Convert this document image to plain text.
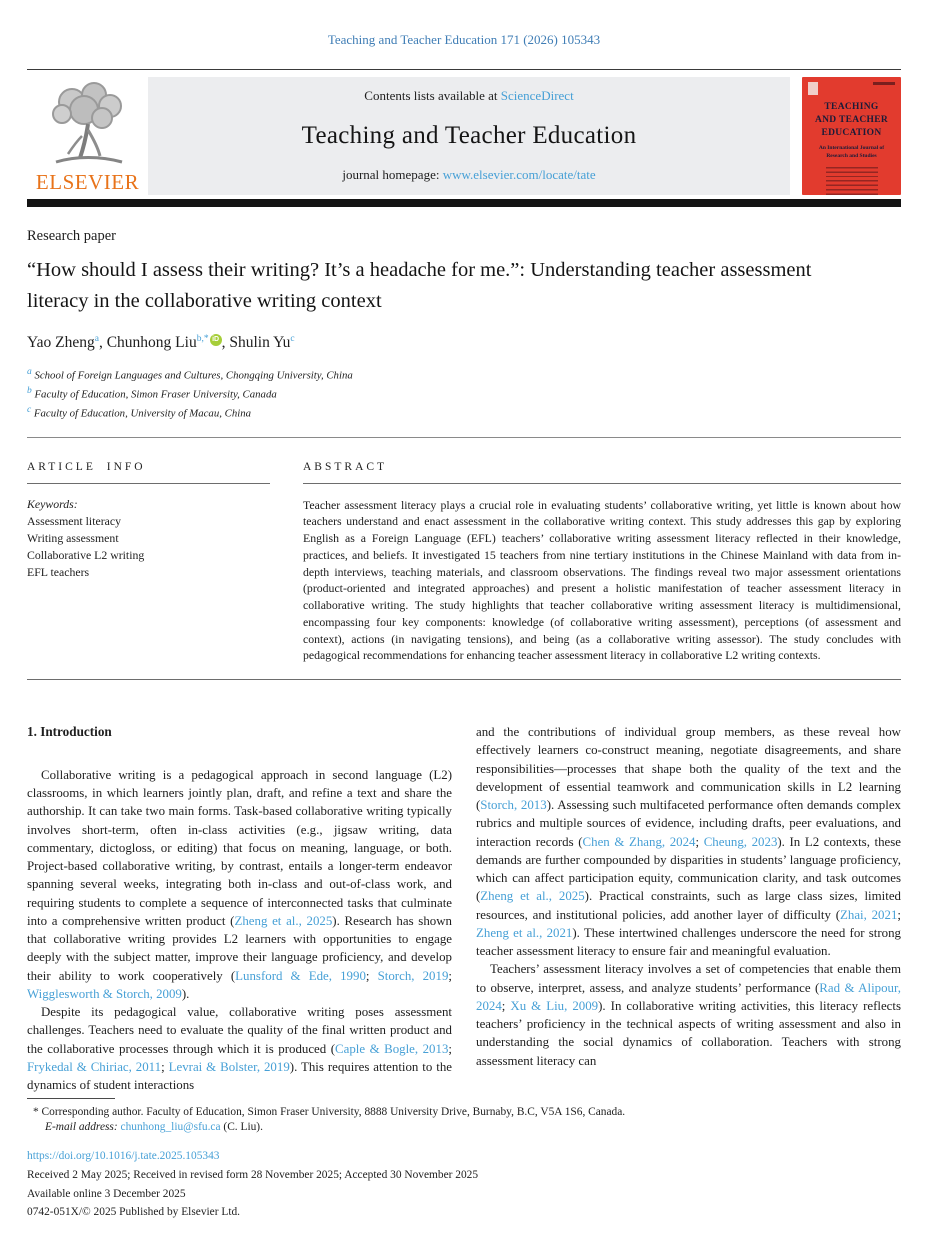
Teaching and Teacher Education 171 (2026) 105343
ELSEVIER
Contents lists available at ScienceDirect
Teaching and Teacher Education
journal homepage: www.elsevier.com/locate/tate
TEACHING AND TEACHER EDUCATION
An International Journal of Research and Studies
Research paper
“How should I assess their writing? It’s a headache for me.”: Understanding teacher assessment literacy in the collaborative writing context
Yao Zheng$^a$, Chunhong Liu$^{b,*}$ iD , Shulin Yu$^c$
$^a$ School of Foreign Languages and Cultures, Chongqing University, China
$^b$ Faculty of Education, Simon Fraser University, Canada
$^c$ Faculty of Education, University of Macau, China
ARTICLE INFO
Keywords:
Assessment literacy
Writing assessment
Collaborative L2 writing
EFL teachers
ABSTRACT
Teacher assessment literacy plays a crucial role in evaluating students’ collaborative writing, yet little is known about how teachers understand and enact assessment in the collaborative writing context. This study addresses this gap by exploring English as a Foreign Language (EFL) teachers’ collaborative writing assessment literacy reflected in their knowledge, practices, and beliefs. It investigated 15 teachers from nine tertiary institutions in the Chinese Mainland with data from in-depth interviews, teaching materials, and classroom observations. The findings reveal two major assessment orientations (product-oriented and integrated approaches) and present a holistic manifestation of teacher assessment literacy in collaborative writing. The study highlights that teacher collaborative writing assessment literacy is multidimensional, encompassing four key components: knowledge (of collaborative writing assessment), perceptions (of assessment and context), actions (in navigating tensions), and being (as a collaborative writing assessor). The study concludes with pedagogical recommendations for enhancing teacher assessment literacy in collaborative L2 writing contexts.
1. Introduction

Collaborative writing is a pedagogical approach in second language (L2) classrooms, in which learners jointly plan, draft, and refine a text and share the authorship. It can take two main forms. Task-based collaborative writing typically involves short-term, often in-class activities (e.g., jigsaw writing, data commentary, dictogloss, or editing) that focus on meaning, language, or both. Project-based collaborative writing, by contrast, entails a longer-term endeavor spanning several weeks, integrating both in-class and out-of-class work, and requiring students to complete a sequence of interconnected tasks that culminate into a comprehensive written product (Zheng et al., 2025). Research has shown that collaborative writing provides L2 learners with opportunities to engage deeply with the subject matter, improve their language proficiency, and develop their ability to work cooperatively (Lunsford & Ede, 1990; Storch, 2019; Wigglesworth & Storch, 2009).

Despite its pedagogical value, collaborative writing poses assessment challenges. Teachers need to evaluate the quality of the final written product and the collaborative processes through which it is produced (Caple & Bogle, 2013; Frykedal & Chiriac, 2011; Levrai & Bolster, 2019). This requires attention to the dynamics of student interactions

and the contributions of individual group members, as these reveal how effectively learners co-construct meaning, negotiate disagreements, and share responsibilities—processes that shape both the quality of the text and the development of essential teamwork and communication skills in L2 learning (Storch, 2013). Assessing such multifaceted performance often demands complex rubrics and multiple sources of evidence, including drafts, peer evaluations, and interaction records (Chen & Zhang, 2024; Cheung, 2023). In L2 contexts, these demands are further compounded by disparities in students’ language proficiency, which can affect participation equity, communication clarity, and task outcomes (Zheng et al., 2025). Practical constraints, such as large class sizes, limited resources, and institutional policies, add another layer of difficulty (Zhai, 2021; Zheng et al., 2021). These intertwined challenges underscore the need for strong teacher assessment literacy to ensure fair and meaningful evaluation.

Teachers’ assessment literacy involves a set of competencies that enable them to observe, interpret, assess, and analyze students’ performance (Rad & Alipour, 2024; Xu & Liu, 2009). In collaborative writing activities, this literacy reflects teachers’ proficiency in the technical aspects of writing assessment and also in understanding the social dynamics of collaboration. Teachers with strong assessment literacy can

* Corresponding author. Faculty of Education, Simon Fraser University, 8888 University Drive, Burnaby, B.C, V5A 1S6, Canada.
E-mail address: chunhong_liu@sfu.ca (C. Liu).
https://doi.org/10.1016/j.tate.2025.105343
Received 2 May 2025; Received in revised form 28 November 2025; Accepted 30 November 2025
Available online 3 December 2025
0742-051X/© 2025 Published by Elsevier Ltd.
